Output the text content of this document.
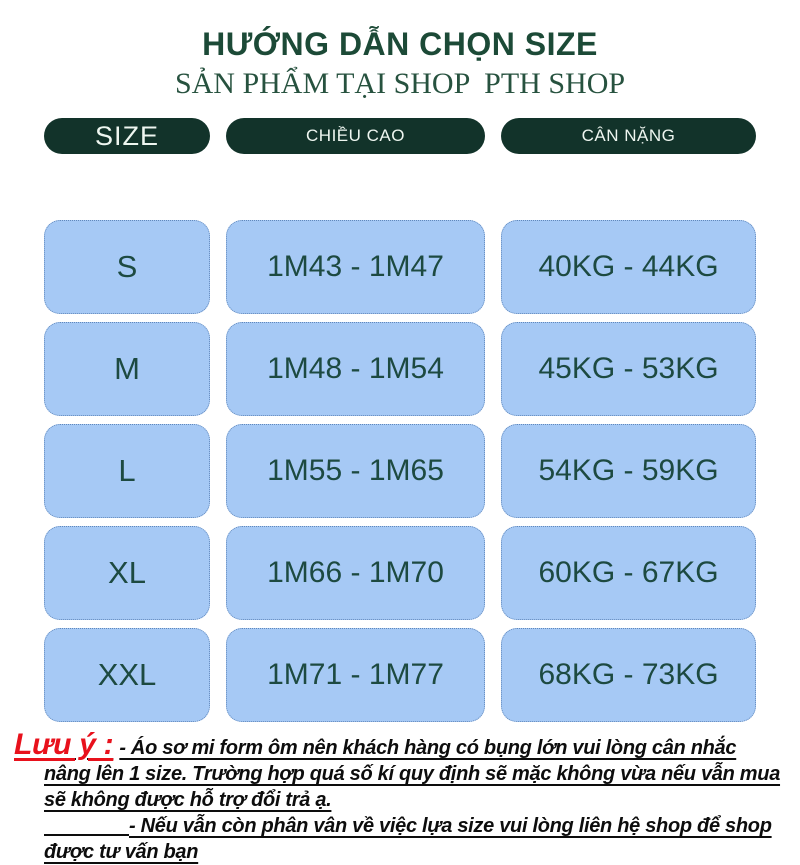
HƯỚNG DẪN CHỌN SIZE
SẢN PHẨM TẠI SHOP  PTH SHOP
SIZE	CHIỀU CAO	CÂN NẶNG
S	1M43 - 1M47	40KG - 44KG
M	1M48 - 1M54	45KG - 53KG
L	1M55 - 1M65	54KG - 59KG
XL	1M66 - 1M70	60KG - 67KG
XXL	1M71 - 1M77	68KG - 73KG
Lưu ý : - Áo sơ mi form ôm nên khách hàng có bụng lớn vui lòng cân nhắc
nâng lên 1 size. Trường hợp quá số kí quy định sẽ mặc không vừa nếu vẫn mua
sẽ không được hỗ trợ đổi trả ạ.
- Nếu vẫn còn phân vân về việc lựa size vui lòng liên hệ shop để shop
được tư vấn bạn
